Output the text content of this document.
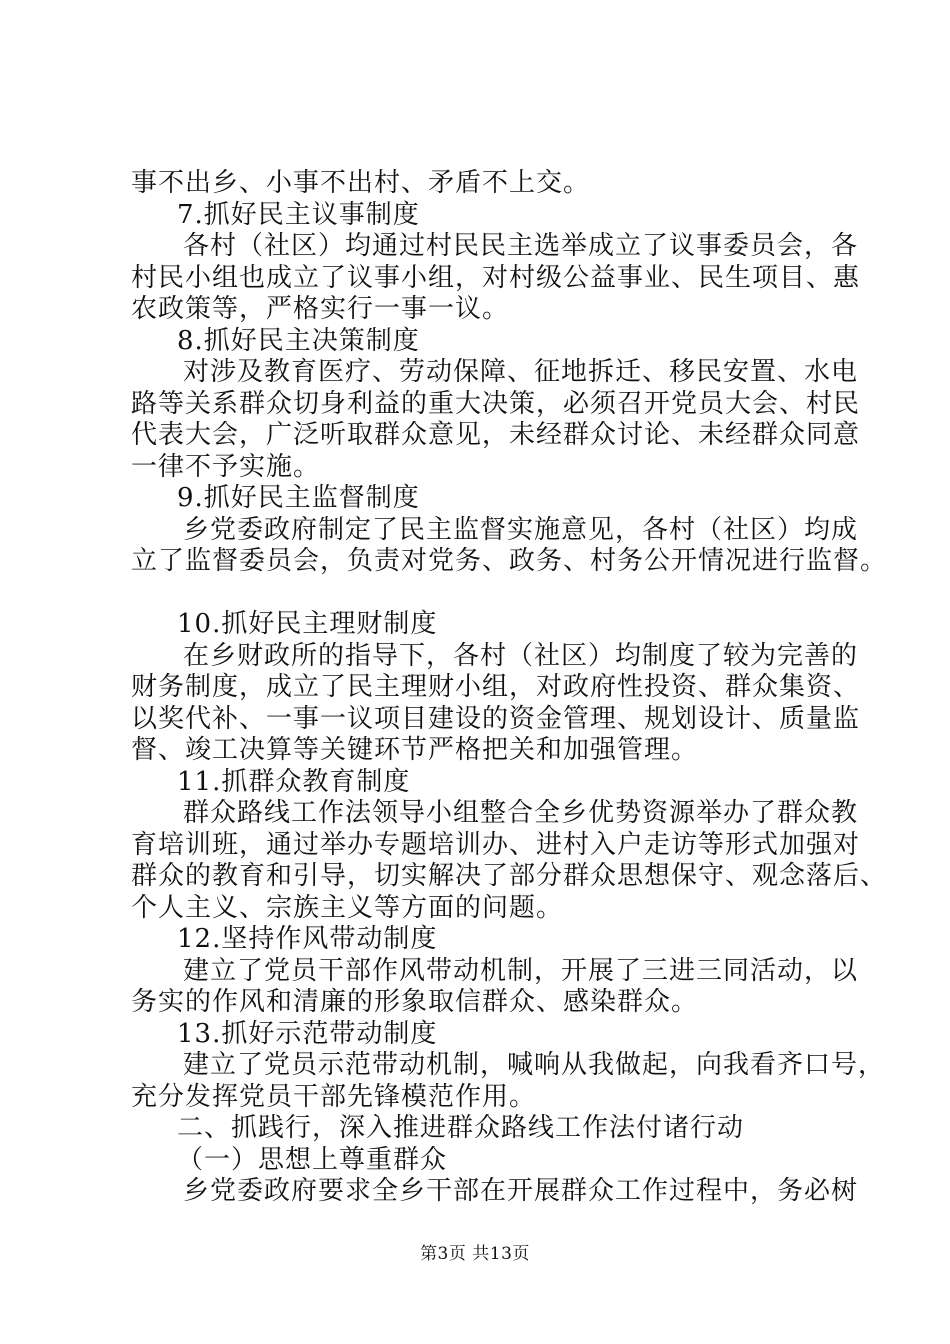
事不出乡、小事不出村、矛盾不上交。
7.抓好民主议事制度
各村（社区）均通过村民民主选举成立了议事委员会，各
村民小组也成立了议事小组，对村级公益事业、民生项目、惠
农政策等，严格实行一事一议。
8.抓好民主决策制度
对涉及教育医疗、劳动保障、征地拆迁、移民安置、水电
路等关系群众切身利益的重大决策，必须召开党员大会、村民
代表大会，广泛听取群众意见，未经群众讨论、未经群众同意
一律不予实施。
9.抓好民主监督制度
乡党委政府制定了民主监督实施意见，各村（社区）均成
立了监督委员会，负责对党务、政务、村务公开情况进行监督。
10.抓好民主理财制度
在乡财政所的指导下，各村（社区）均制度了较为完善的
财务制度，成立了民主理财小组，对政府性投资、群众集资、
以奖代补、一事一议项目建设的资金管理、规划设计、质量监
督、竣工决算等关键环节严格把关和加强管理。
11.抓群众教育制度
群众路线工作法领导小组整合全乡优势资源举办了群众教
育培训班，通过举办专题培训办、进村入户走访等形式加强对
群众的教育和引导，切实解决了部分群众思想保守、观念落后、
个人主义、宗族主义等方面的问题。
12.坚持作风带动制度
建立了党员干部作风带动机制，开展了三进三同活动，以
务实的作风和清廉的形象取信群众、感染群众。
13.抓好示范带动制度
建立了党员示范带动机制，喊响从我做起，向我看齐口号，
充分发挥党员干部先锋模范作用。
二、抓践行，深入推进群众路线工作法付诸行动
（一）思想上尊重群众
乡党委政府要求全乡干部在开展群众工作过程中，务必树
第3页 共13页
